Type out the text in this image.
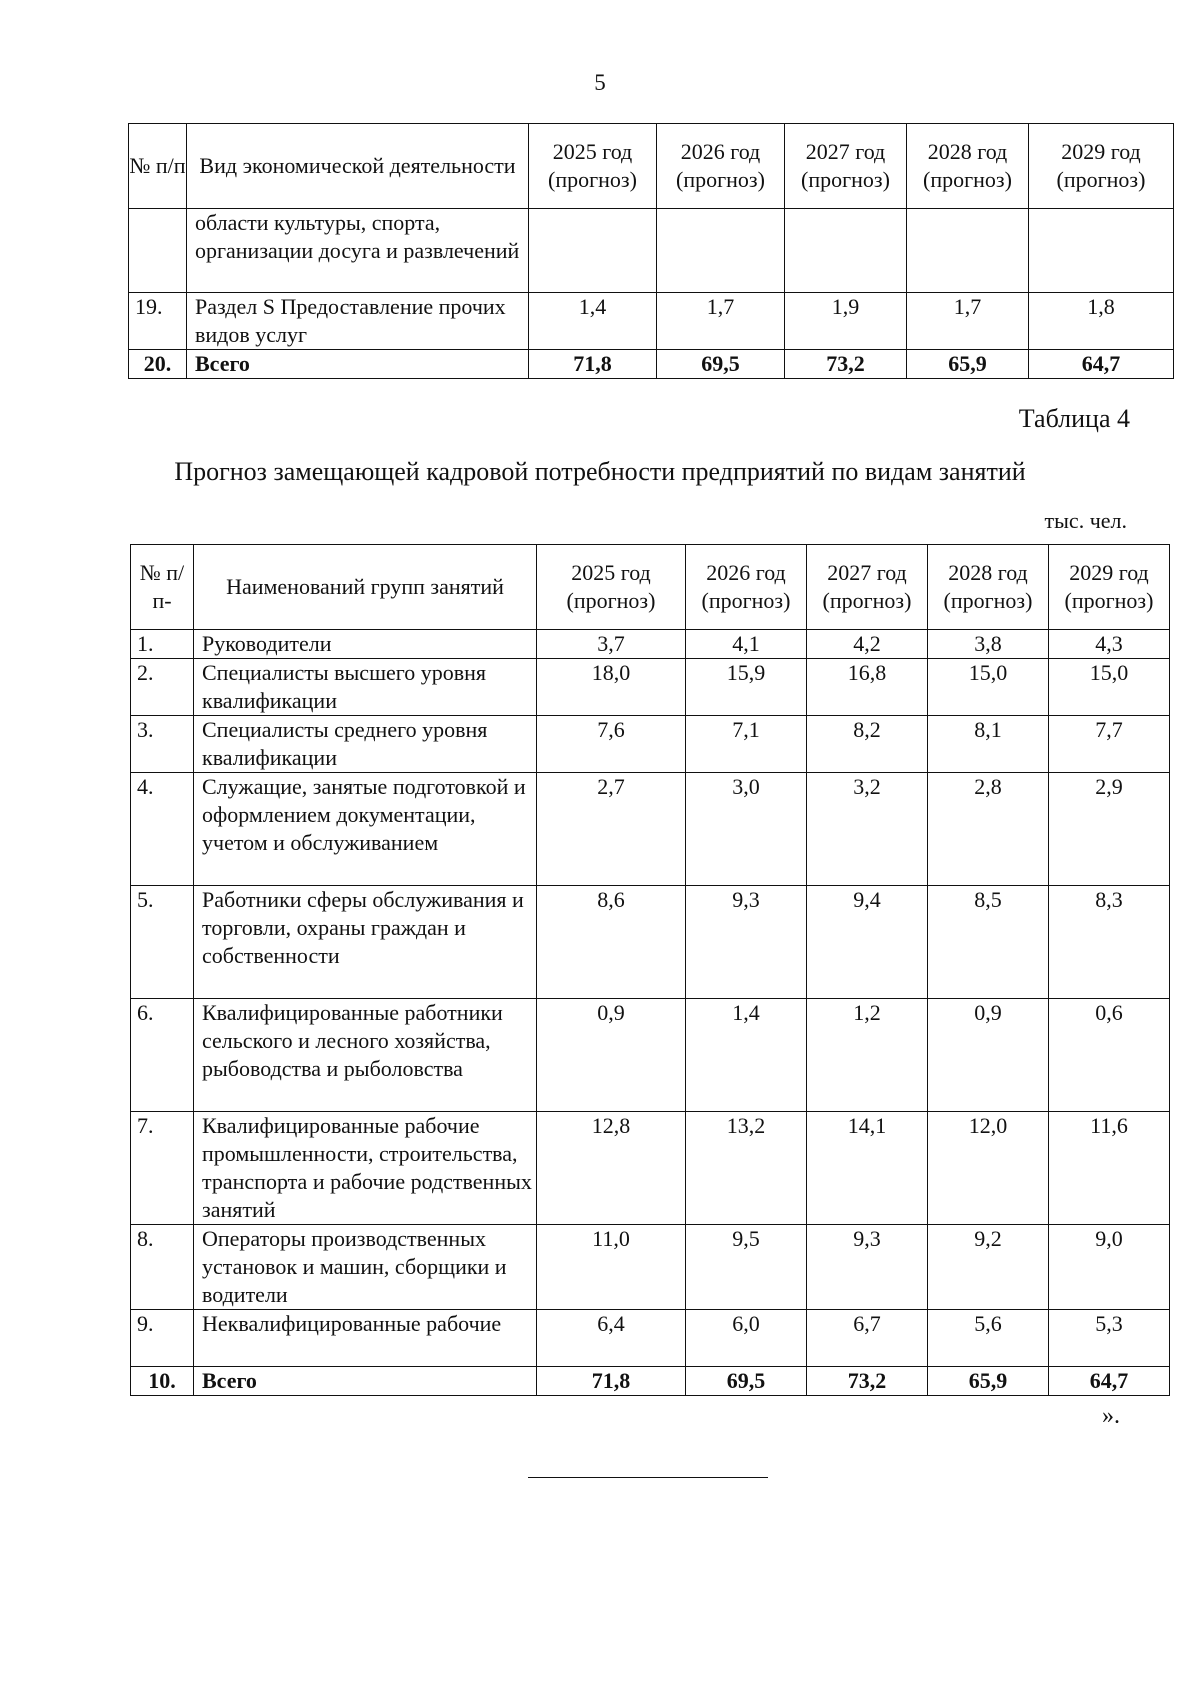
5
№ п/п	Вид экономической деятельности	2025 год (прогноз)	2026 год (прогноз)	2027 год (прогноз)	2028 год (прогноз)	2029 год (прогноз)
	области культуры, спорта, организации досуга и развлечений					
19.	Раздел S Предоставление прочих видов услуг	1,4	1,7	1,9	1,7	1,8
20.	Всего	71,8	69,5	73,2	65,9	64,7
Таблица 4
Прогноз замещающей кадровой потребности предприятий по видам занятий
тыс. чел.
№ п/п-	Наименований групп занятий	2025 год (прогноз)	2026 год (прогноз)	2027 год (прогноз)	2028 год (прогноз)	2029 год (прогноз)
1.	Руководители	3,7	4,1	4,2	3,8	4,3
2.	Специалисты высшего уровня квалификации	18,0	15,9	16,8	15,0	15,0
3.	Специалисты среднего уровня квалификации	7,6	7,1	8,2	8,1	7,7
4.	Служащие, занятые подготовкой и оформлением документации, учетом и обслуживанием	2,7	3,0	3,2	2,8	2,9
5.	Работники сферы обслуживания и торговли, охраны граждан и собственности	8,6	9,3	9,4	8,5	8,3
6.	Квалифицированные работники сельского и лесного хозяйства, рыбоводства и рыболовства	0,9	1,4	1,2	0,9	0,6
7.	Квалифицированные рабочие промышленности, строительства, транспорта и рабочие родственных занятий	12,8	13,2	14,1	12,0	11,6
8.	Операторы производственных установок и машин, сборщики и водители	11,0	9,5	9,3	9,2	9,0
9.	Неквалифицированные рабочие	6,4	6,0	6,7	5,6	5,3
10.	Всего	71,8	69,5	73,2	65,9	64,7
».
